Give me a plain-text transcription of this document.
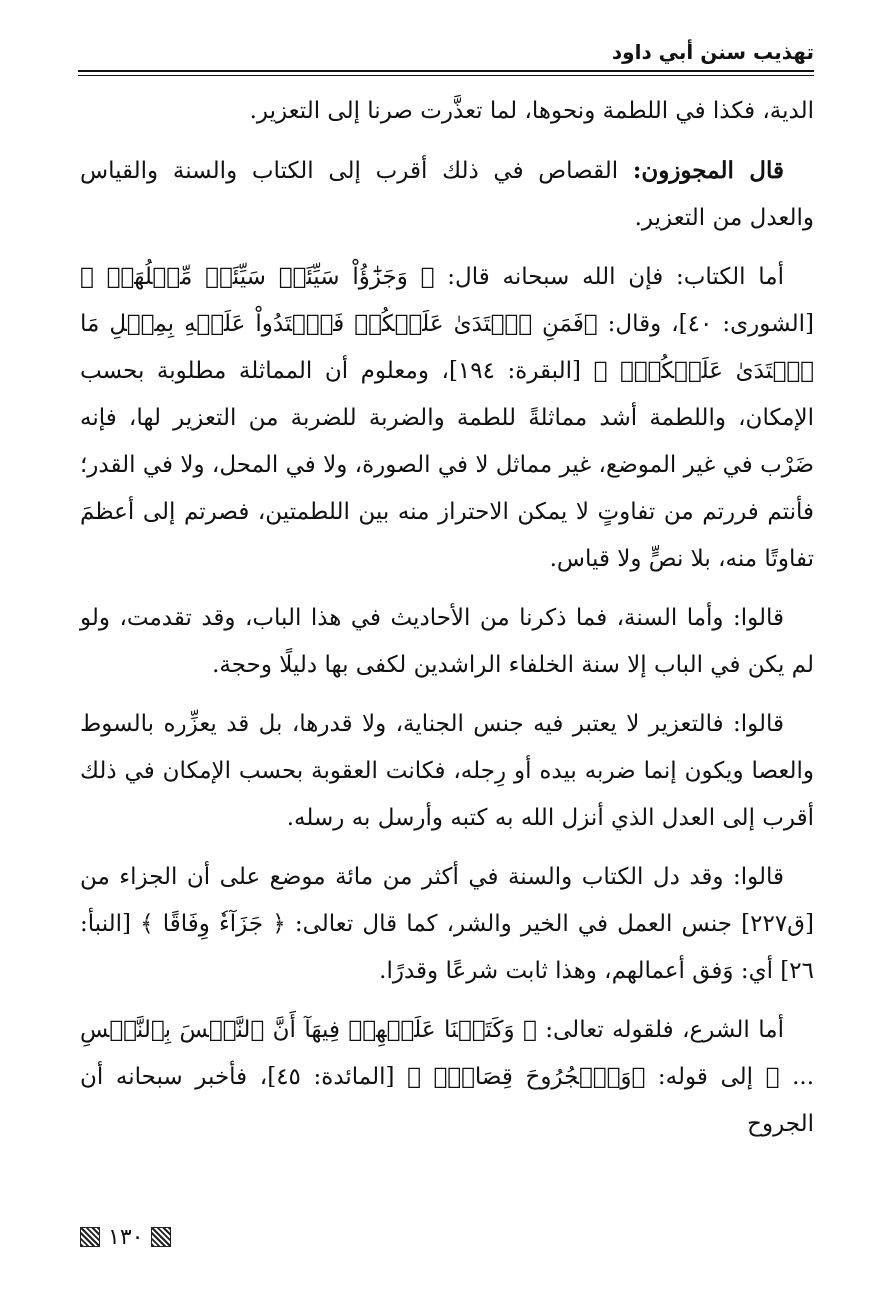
تهذيب سنن أبي داود

الدية، فكذا في اللطمة ونحوها، لما تعذَّرت صرنا إلى التعزير.

قال المجوزون: القصاص في ذلك أقرب إلى الكتاب والسنة والقياس والعدل من التعزير.

أما الكتاب: فإن الله سبحانه قال: ﴿ وَجَزَٰٓؤُاْ سَيِّئَةٖ سَيِّئَةٞ مِّثۡلُهَاۖ ﴾ [الشورى: ٤٠]، وقال: ﴿فَمَنِ ٱعۡتَدَىٰ عَلَيۡكُمۡ فَٱعۡتَدُواْ عَلَيۡهِ بِمِثۡلِ مَا ٱعۡتَدَىٰ عَلَيۡكُمۡۚ ﴾ [البقرة: ١٩٤]، ومعلوم أن المماثلة مطلوبة بحسب الإمكان، واللطمة أشد مماثلةً للطمة والضربة للضربة من التعزير لها، فإنه ضَرْب في غير الموضع، غير مماثل لا في الصورة، ولا في المحل، ولا في القدر؛ فأنتم فررتم من تفاوتٍ لا يمكن الاحتراز منه بين اللطمتين، فصرتم إلى أعظمَ تفاوتًا منه، بلا نصٍّ ولا قياس.

قالوا: وأما السنة، فما ذكرنا من الأحاديث في هذا الباب، وقد تقدمت، ولو لم يكن في الباب إلا سنة الخلفاء الراشدين لكفى بها دليلًا وحجة.

قالوا: فالتعزير لا يعتبر فيه جنس الجناية، ولا قدرها، بل قد يعزِّره بالسوط والعصا ويكون إنما ضربه بيده أو رِجله، فكانت العقوبة بحسب الإمكان في ذلك أقرب إلى العدل الذي أنزل الله به كتبه وأرسل به رسله.

قالوا: وقد دل الكتاب والسنة في أكثر من مائة موضع على أن الجزاء من [ق٢٢٧] جنس العمل في الخير والشر، كما قال تعالى: ﴿ جَزَآءٗ وِفَاقًا ﴾ [النبأ: ٢٦] أي: وَفق أعمالهم، وهذا ثابت شرعًا وقدرًا.

أما الشرع، فلقوله تعالى: ﴿ وَكَتَبۡنَا عَلَيۡهِمۡ فِيهَآ أَنَّ ٱلنَّفۡسَ بِٱلنَّفۡسِ ... ﴾ إلى قوله: ﴿وَٱلۡجُرُوحَ قِصَاصٞۚ ﴾ [المائدة: ٤٥]، فأخبر سبحانه أن الجروح

١٣٠
